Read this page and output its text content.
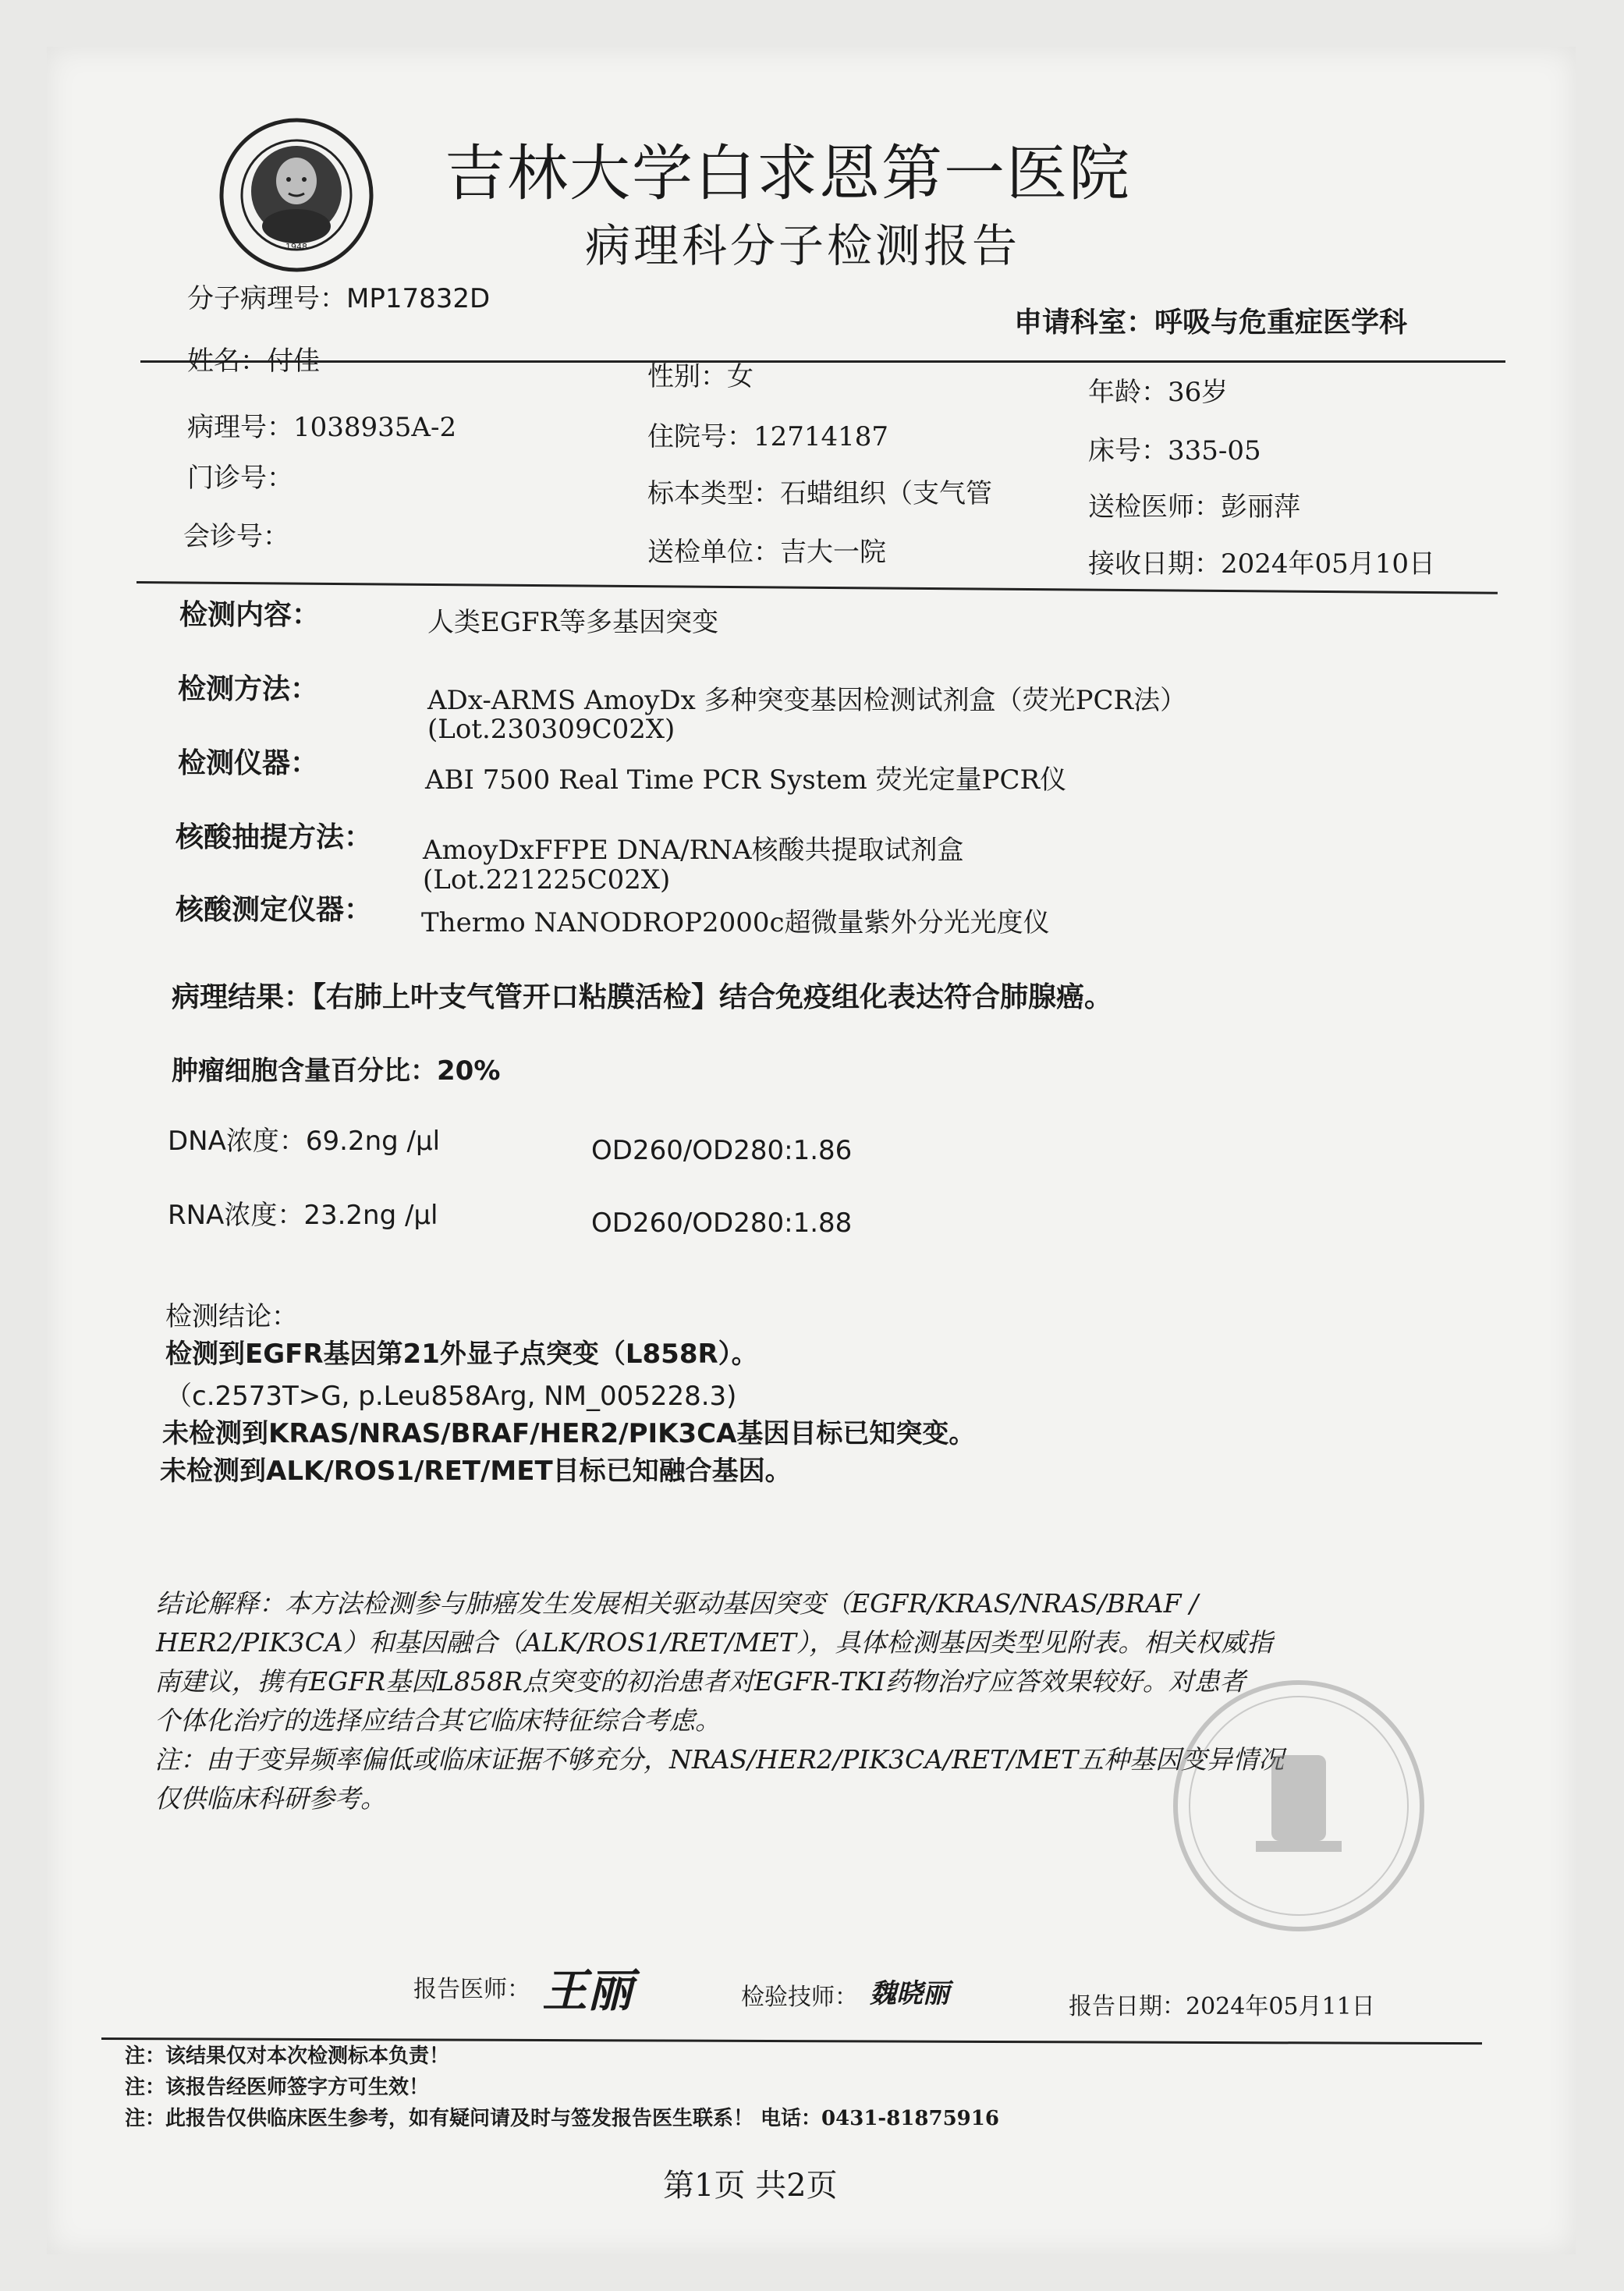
1948
吉林大学白求恩第一医院
病理科分子检测报告
分子病理号：MP17832D
申请科室：呼吸与危重症医学科
姓名：付佳	性别：女	年龄：36岁
病理号：1038935A-2	住院号：12714187	床号：335-05
门诊号：	标本类型：石蜡组织（支气管	送检医师：彭丽萍
会诊号：	送检单位：吉大一院	接收日期：2024年05月10日
检测内容：	人类EGFR等多基因突变
检测方法：	ADx-ARMS AmoyDx 多种突变基因检测试剂盒（荧光PCR法）
(Lot.230309C02X)
检测仪器：
ABI 7500 Real Time PCR System 荧光定量PCR仪
核酸抽提方法： AmoyDxFFPE DNA/RNA核酸共提取试剂盒
(Lot.221225C02X)
核酸测定仪器： Thermo NANODROP2000c超微量紫外分光光度仪
病理结果：【右肺上叶支气管开口粘膜活检】结合免疫组化表达符合肺腺癌。
肿瘤细胞含量百分比：20%
DNA浓度：69.2ng /μl	OD260/OD280:1.86
RNA浓度：23.2ng /μl	OD260/OD280:1.88
检测结论：
检测到EGFR基因第21外显子点突变（L858R）。
（c.2573T>G, p.Leu858Arg, NM_005228.3)
未检测到KRAS/NRAS/BRAF/HER2/PIK3CA基因目标已知突变。
未检测到ALK/ROS1/RET/MET目标已知融合基因。
结论解释：本方法检测参与肺癌发生发展相关驱动基因突变（EGFR/KRAS/NRAS/BRAF /
HER2/PIK3CA）和基因融合（ALK/ROS1/RET/MET），具体检测基因类型见附表。相关权威指
南建议，携有EGFR基因L858R点突变的初治患者对EGFR-TKI药物治疗应答效果较好。对患者
个体化治疗的选择应结合其它临床特征综合考虑。
注：由于变异频率偏低或临床证据不够充分，NRAS/HER2/PIK3CA/RET/MET五种基因变异情况
仅供临床科研参考。
报告医师： 王丽	检验技师： 魏晓丽	报告日期：2024年05月11日
注：该结果仅对本次检测标本负责！
注：该报告经医师签字方可生效！
注：此报告仅供临床医生参考，如有疑问请及时与签发报告医生联系！ 电话：0431-81875916
第1页 共2页
